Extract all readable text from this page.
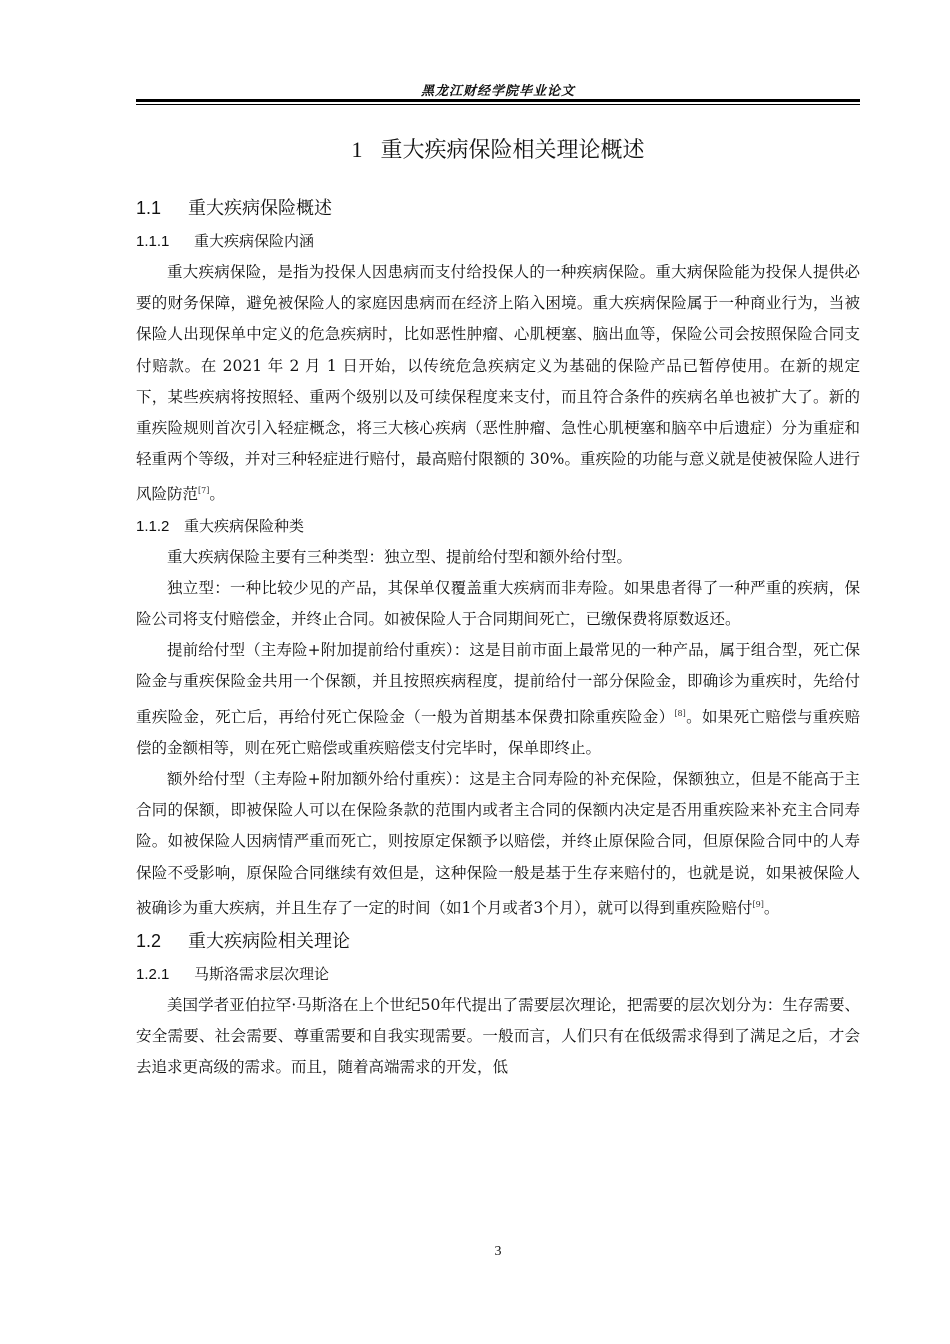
黑龙江财经学院毕业论文
1 重大疾病保险相关理论概述
1.1 重大疾病保险概述
1.1.1 重大疾病保险内涵

重大疾病保险，是指为投保人因患病而支付给投保人的一种疾病保险。重大病保险能为投保人提供必要的财务保障，避免被保险人的家庭因患病而在经济上陷入困境。重大疾病保险属于一种商业行为，当被保险人出现保单中定义的危急疾病时，比如恶性肿瘤、心肌梗塞、脑出血等，保险公司会按照保险合同支付赔款。在 2021 年 2 月 1 日开始，以传统危急疾病定义为基础的保险产品已暂停使用。在新的规定下，某些疾病将按照轻、重两个级别以及可续保程度来支付，而且符合条件的疾病名单也被扩大了。新的重疾险规则首次引入轻症概念，将三大核心疾病（恶性肿瘤、急性心肌梗塞和脑卒中后遗症）分为重症和轻重两个等级，并对三种轻症进行赔付，最高赔付限额的 30%。重疾险的功能与意义就是使被保险人进行风险防范[7]。

1.1.2 重大疾病保险种类

重大疾病保险主要有三种类型：独立型、提前给付型和额外给付型。

独立型：一种比较少见的产品，其保单仅覆盖重大疾病而非寿险。如果患者得了一种严重的疾病，保险公司将支付赔偿金，并终止合同。如被保险人于合同期间死亡，已缴保费将原数返还。

提前给付型（主寿险+附加提前给付重疾）：这是目前市面上最常见的一种产品，属于组合型，死亡保险金与重疾保险金共用一个保额，并且按照疾病程度，提前给付一部分保险金，即确诊为重疾时，先给付重疾险金，死亡后，再给付死亡保险金（一般为首期基本保费扣除重疾险金）[8]。如果死亡赔偿与重疾赔偿的金额相等，则在死亡赔偿或重疾赔偿支付完毕时，保单即终止。

额外给付型（主寿险+附加额外给付重疾）：这是主合同寿险的补充保险，保额独立，但是不能高于主合同的保额，即被保险人可以在保险条款的范围内或者主合同的保额内决定是否用重疾险来补充主合同寿险。如被保险人因病情严重而死亡，则按原定保额予以赔偿，并终止原保险合同，但原保险合同中的人寿保险不受影响，原保险合同继续有效但是，这种保险一般是基于生存来赔付的，也就是说，如果被保险人被确诊为重大疾病，并且生存了一定的时间（如1个月或者3个月），就可以得到重疾险赔付[9]。

1.2 重大疾病险相关理论
1.2.1 马斯洛需求层次理论

美国学者亚伯拉罕·马斯洛在上个世纪50年代提出了需要层次理论，把需要的层次划分为：生存需要、安全需要、社会需要、尊重需要和自我实现需要。一般而言，人们只有在低级需求得到了满足之后，才会去追求更高级的需求。而且，随着高端需求的开发，低

3
